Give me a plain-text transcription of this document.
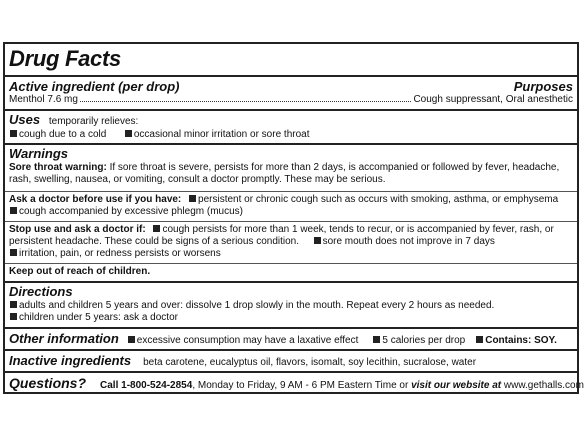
Drug Facts
Active ingredient (per drop)	Purposes
Menthol 7.6 mg	Cough suppressant, Oral anesthetic
Uses temporarily relieves:
cough due to a cold	occasional minor irritation or sore throat
Warnings
Sore throat warning: If sore throat is severe, persists for more than 2 days, is accompanied or followed by fever, headache,
rash, swelling, nausea, or vomiting, consult a doctor promptly. These may be serious.
Ask a doctor before use if you have: persistent or chronic cough such as occurs with smoking, asthma, or emphysema
cough accompanied by excessive phlegm (mucus)
Stop use and ask a doctor if: cough persists for more than 1 week, tends to recur, or is accompanied by fever, rash, or
persistent headache. These could be signs of a serious condition. sore mouth does not improve in 7 days
irritation, pain, or redness persists or worsens
Keep out of reach of children.
Directions
adults and children 5 years and over: dissolve 1 drop slowly in the mouth. Repeat every 2 hours as needed.
children under 5 years: ask a doctor
Other information	excessive consumption may have a laxative effect	5 calories per drop	Contains: SOY.
Inactive ingredients beta carotene, eucalyptus oil, flavors, isomalt, soy lecithin, sucralose, water
Questions? Call 1-800-524-2854, Monday to Friday, 9 AM - 6 PM Eastern Time or visit our website at www.gethalls.com
